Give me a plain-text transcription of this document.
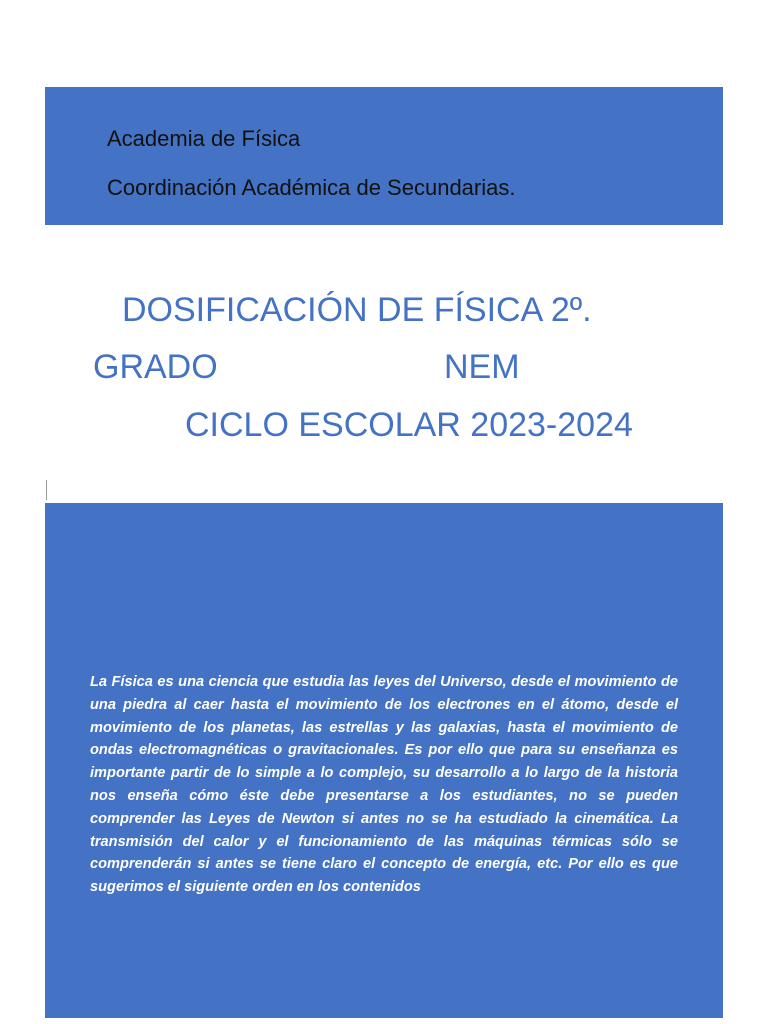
Academia de Física
Coordinación Académica de Secundarias.
DOSIFICACIÓN DE FÍSICA 2º.
GRADO	NEM
CICLO ESCOLAR 2023-2024

La Física es una ciencia que estudia las leyes del Universo, desde el movimiento de una piedra al caer hasta el movimiento de los electrones en el átomo, desde el movimiento de los planetas, las estrellas y las galaxias, hasta el movimiento de ondas electromagnéticas o gravitacionales. Es por ello que para su enseñanza es importante partir de lo simple a lo complejo, su desarrollo a lo largo de la historia nos enseña cómo éste debe presentarse a los estudiantes, no se pueden comprender las Leyes de Newton si antes no se ha estudiado la cinemática. La transmisión del calor y el funcionamiento de las máquinas térmicas sólo se comprenderán si antes se tiene claro el concepto de energía, etc. Por ello es que sugerimos el siguiente orden en los contenidos
